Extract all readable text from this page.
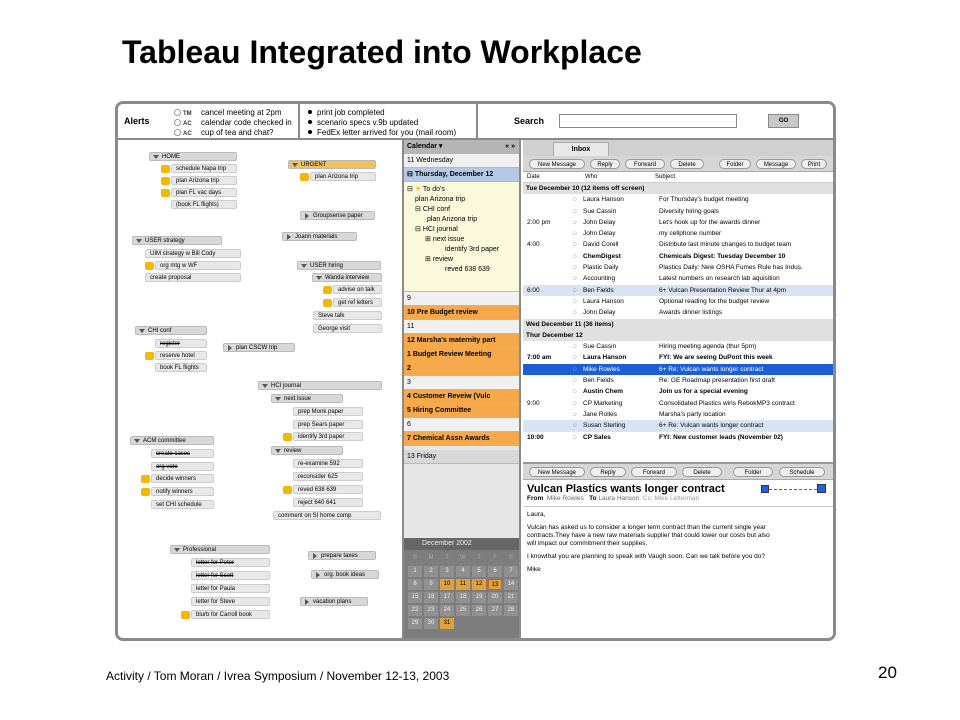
Tableau Integrated into Workplace
Alerts
TM cancel meeting at 2pm
AC calendar code checked in
AC cup of tea and chat?
print job completed
scenario specs v.9b updated
FedEx letter arrived for you (mail room)
Search	GO
HOME
schedule Napa trip
plan Arizona trip
plan FL vac days
(book FL flights)
URGENT
plan Arizona trip
Groupsense paper
Joann materials
USER strategy
UIM strategy w Bill Cody
org mtg w WF
create proposal
USER hiring
Wanda interview
advise on talk
get ref letters
Steve talk
George visit
CHI conf
register
reserve hotel
book FL flights
plan CSCW trip
HCI journal
next issue
prep Monk paper
prep Sears paper
identify 3rd paper
review
re-examine 592
reconsider 625
reved 638 639
reject 640 641
comment on SI home comp
ACM committee
create cases
org vote
decide winners
notify winners
set CHI schedule
Professional
letter for Peter
letter for Scott
letter for Paula
letter for Steve
blurb for Carroll book
prepare taxes
org. book ideas
vacation plans
Calendar ▾	« »
11 Wednesday
⊟ Thursday, December 12
⊟ ☀ To do's
plan Arizona trip
⊟ CHI conf
plan Arizona trip
⊟ HCI journal
⊞ next issue
identify 3rd paper
⊞ review
reved 638 639
9
10 Pre Budget review
11
12 Marsha's maternity part
1 Budget Review Meeting
2
3
4 Customer Reveiw (Vulc
5 Hiring Committee
6
7 Chemical Assn Awards
13 Friday
December 2002
S	M	T	W	T	F	S
1	2	3	4	5	6	7
8	9	10	11	12	13	14
15	16	17	18	19	20	21
22	23	24	25	26	27	28
29	30	31
Inbox
New Message	Reply	Forward	Delete	Folder	Message	Print
Date	Who	Subject
Tue December 10 (12 items off screen)
◌ Laura Hanson	For Thursday's budget meeting
◌ Sue Cassin	Diversity hiring goals
2:00 pm	◌ John Delay	Let's hook up for the awards dinner
◌ John Delay	my cellphone number
4:00	◌ David Corell	Distribute last minute changes to budget team
◌ ChemDigest	Chemicals Digest: Tuesday December 10
◌ Plastic Daily	Plastics Daily: New OSHA Fumes Rule has Indus.
◌ Accounting	Latest numbers on research lab aquisition
6:00	◌ Ben Fields	6+ Vulcan Presentation Review Thur at 4pm
◌ Laura Hanson	Optional reading for the budget review
◌ John Delay	Awards dinner listings
Wed December 11 (36 items)
Thur December 12
◌ Sue Cassin	Hiring meeting agenda (thur 5pm)
7:00 am	◌ Laura Hanson	FYI: We are seeing DuPont this week
◌ Mike Rowles	6+ Re: Vulcan wants longer contract
◌ Ben Fields	Re: GE Roadmap presentation first draft
◌ Austin Chem	Join us for a special evening
9:00	◌ CP Marketing	Consolidated Plastics wins RebokMP3 contract
◌ Jane Rolles	Marsha's party location
◌ Susan Sterling	6+ Re: Vulcan wants longer contract
10:00	◌ CP Sales	FYI: New customer leads (November 02)
New Message	Reply	Forward	Delete	Folder	Schedule
Vulcan Plastics wants longer contract
From Mike Rowles To Laura Hanson Cc: Mike Letterman
Laura,
Vulcan has asked us to consider a longer term contract than the current single year
contracts.They have a new raw materials supplier that could lower our costs but also
will impact our commitment their supplies.
I knowthat you are planning to speak with Vaugh soon. Can we talk before you do?
Mike
Activity / Tom Moran / Ivrea Symposium / November 12-13, 2003	20
